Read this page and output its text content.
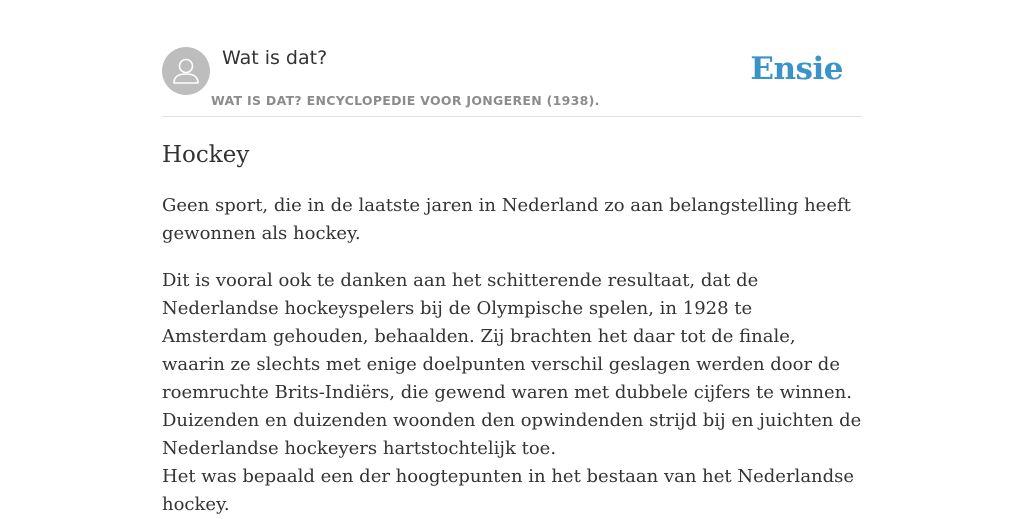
Wat is dat?
WAT IS DAT? ENCYCLOPEDIE VOOR JONGEREN (1938).
Ensie
Hockey

Geen sport, die in de laatste jaren in Nederland zo aan belangstelling heeft gewonnen als hockey.

Dit is vooral ook te danken aan het schitterende resultaat, dat de Nederlandse hockeyspelers bij de Olympische spelen, in 1928 te Amsterdam gehouden, behaalden. Zij brachten het daar tot de finale, waarin ze slechts met enige doelpunten verschil geslagen werden door de roemruchte Brits-Indiërs, die gewend waren met dubbele cijfers te winnen. Duizenden en duizenden woonden den opwindenden strijd bij en juichten de Nederlandse hockeyers hartstochtelijk toe.
Het was bepaald een der hoogtepunten in het bestaan van het Nederlandse hockey.
